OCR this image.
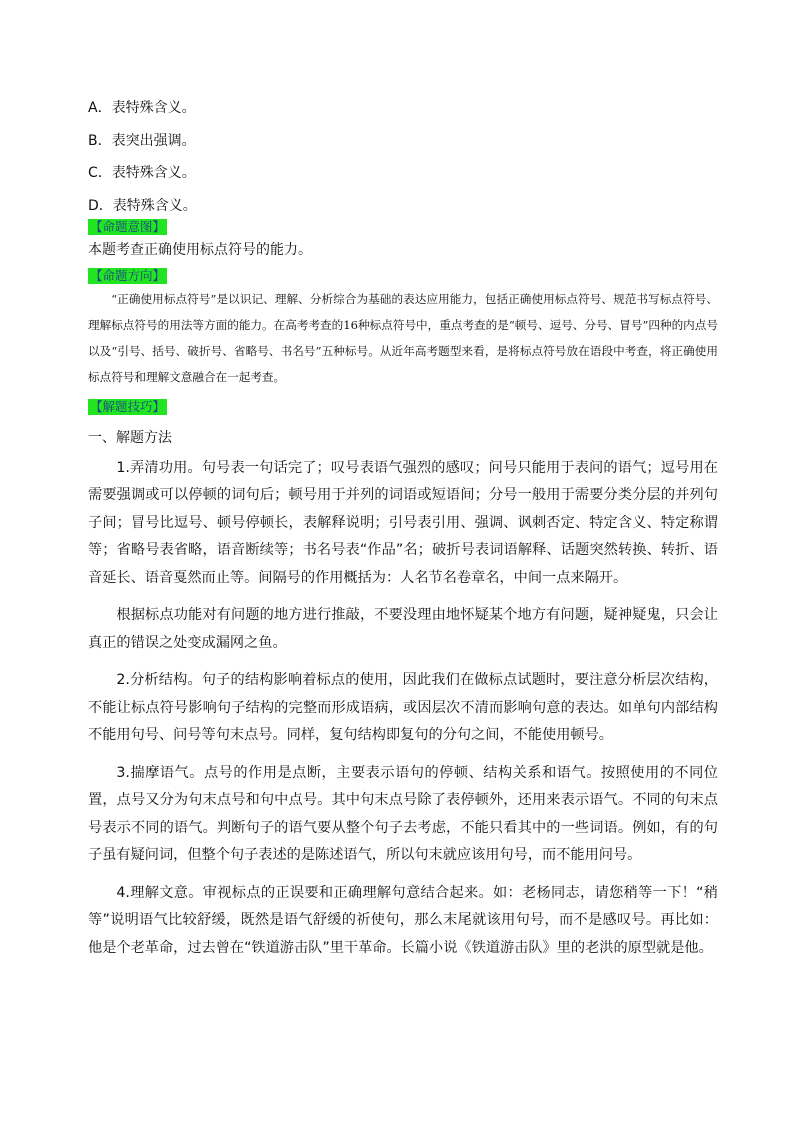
A．表特殊含义。
B．表突出强调。
C．表特殊含义。
D．表特殊含义。
【命题意图】
本题考查正确使用标点符号的能力。
【命题方向】
“正确使用标点符号”是以识记、理解、分析综合为基础的表达应用能力，包括正确使用标点符号、规范书写标点符号、理解标点符号的用法等方面的能力。在高考考查的16种标点符号中，重点考查的是“顿号、逗号、分号、冒号”四种的内点号以及“引号、括号、破折号、省略号、书名号”五种标号。从近年高考题型来看，是将标点符号放在语段中考查，将正确使用标点符号和理解文意融合在一起考查。
【解题技巧】
一、解题方法
1.弄清功用。句号表一句话完了；叹号表语气强烈的感叹；问号只能用于表问的语气；逗号用在需要强调或可以停顿的词句后；顿号用于并列的词语或短语间；分号一般用于需要分类分层的并列句子间；冒号比逗号、顿号停顿长，表解释说明；引号表引用、强调、讽刺否定、特定含义、特定称谓等；省略号表省略，语音断续等；书名号表“作品”名；破折号表词语解释、话题突然转换、转折、语音延长、语音戛然而止等。间隔号的作用概括为：人名节名卷章名，中间一点来隔开。
根据标点功能对有问题的地方进行推敲，不要没理由地怀疑某个地方有问题，疑神疑鬼，只会让真正的错误之处变成漏网之鱼。
2.分析结构。句子的结构影响着标点的使用，因此我们在做标点试题时，要注意分析层次结构，不能让标点符号影响句子结构的完整而形成语病，或因层次不清而影响句意的表达。如单句内部结构不能用句号、问号等句末点号。同样，复句结构即复句的分句之间，不能使用顿号。
3.揣摩语气。点号的作用是点断，主要表示语句的停顿、结构关系和语气。按照使用的不同位置，点号又分为句末点号和句中点号。其中句末点号除了表停顿外，还用来表示语气。不同的句末点号表示不同的语气。判断句子的语气要从整个句子去考虑，不能只看其中的一些词语。例如，有的句子虽有疑问词，但整个句子表述的是陈述语气，所以句末就应该用句号，而不能用问号。
4.理解文意。审视标点的正误要和正确理解句意结合起来。如：老杨同志，请您稍等一下！“稍等”说明语气比较舒缓，既然是语气舒缓的祈使句，那么末尾就该用句号，而不是感叹号。再比如：他是个老革命，过去曾在“铁道游击队”里干革命。长篇小说《铁道游击队》里的老洪的原型就是他。
